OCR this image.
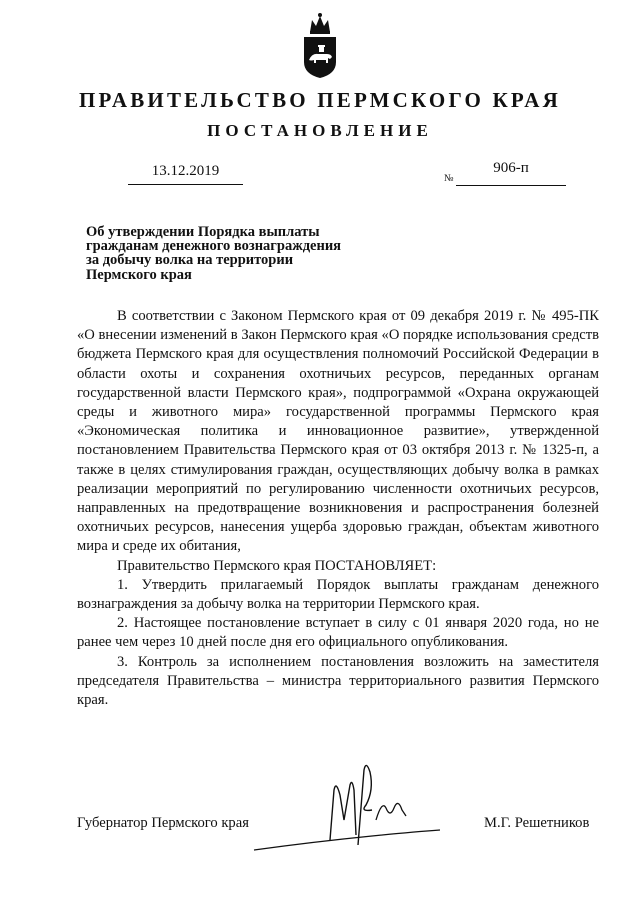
ПРАВИТЕЛЬСТВО ПЕРМСКОГО КРАЯ
ПОСТАНОВЛЕНИЕ
13.12.2019	№
906-п
Об утверждении Порядка выплаты
гражданам денежного вознаграждения
за добычу волка на территории
Пермского края

В соответствии с Законом Пермского края от 09 декабря 2019 г. № 495-ПК «О внесении изменений в Закон Пермского края «О порядке использования средств бюджета Пермского края для осуществления полномочий Российской Федерации в области охоты и сохранения охотничьих ресурсов, переданных органам государственной власти Пермского края», подпрограммой «Охрана окружающей среды и животного мира» государственной программы Пермского края «Экономическая политика и инновационное развитие», утвержденной постановлением Правительства Пермского края от 03 октября 2013 г. № 1325-п, а также в целях стимулирования граждан, осуществляющих добычу волка в рамках реализации мероприятий по регулированию численности охотничьих ресурсов, направленных на предотвращение возникновения и распространения болезней охотничьих ресурсов, нанесения ущерба здоровью граждан, объектам животного мира и среде их обитания,

Правительство Пермского края ПОСТАНОВЛЯЕТ:

1. Утвердить прилагаемый Порядок выплаты гражданам денежного вознаграждения за добычу волка на территории Пермского края.

2. Настоящее постановление вступает в силу с 01 января 2020 года, но не ранее чем через 10 дней после дня его официального опубликования.

3. Контроль за исполнением постановления возложить на заместителя председателя Правительства – министра территориального развития Пермского края.

Губернатор Пермского края	М.Г. Решетников
